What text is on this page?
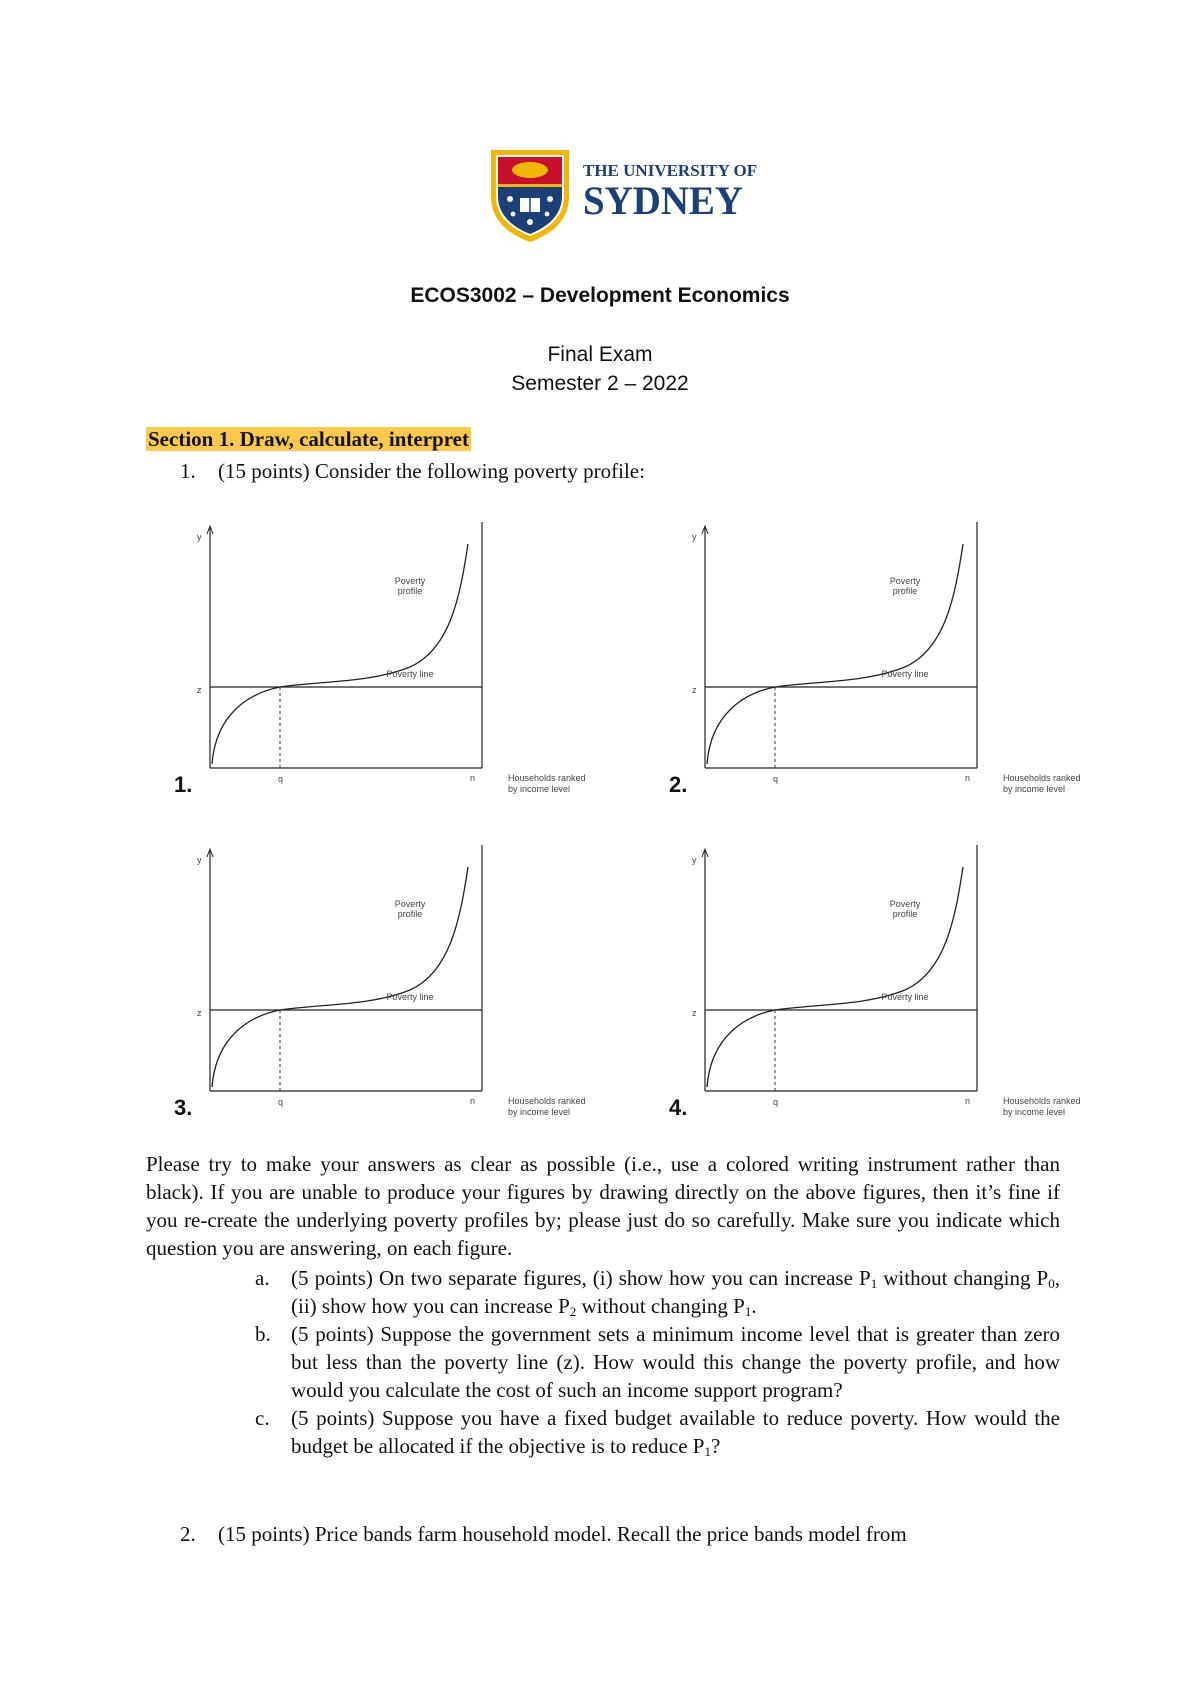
THE UNIVERSITY OF
SYDNEY
ECOS3002 – Development Economics
Final Exam
Semester 2 – 2022
Section 1. Draw, calculate, interpret
1. (15 points) Consider the following poverty profile:
y
z
q	n
Poverty
profile
Poverty line
Households ranked
by income level
1.
y
z
q	n
Poverty
profile
Poverty line
Households ranked
by income level
2.
y
z
q	n
Poverty
profile
Poverty line
Households ranked
by income level
3.
y
z
q	n
Poverty
profile
Poverty line
Households ranked
by income level
4.
Please try to make your answers as clear as possible (i.e., use a colored writing instrument rather than black). If you are unable to produce your figures by drawing directly on the above figures, then it’s fine if you re-create the underlying poverty profiles by; please just do so carefully. Make sure you indicate which question you are answering, on each figure.
a.	(5 points) On two separate figures, (i) show how you can increase $P_1$ without changing $P_0$, (ii) show how you can increase $P_2$ without changing $P_1$.
b. (5 points) Suppose the government sets a minimum income level that is greater than zero but less than the poverty line (z). How would this change the poverty profile, and how would you calculate the cost of such an income support program?
c.	(5 points) Suppose you have a fixed budget available to reduce poverty. How would the budget be allocated if the objective is to reduce $P_1$?
2.	(15 points) Price bands farm household model. Recall the price bands model from
